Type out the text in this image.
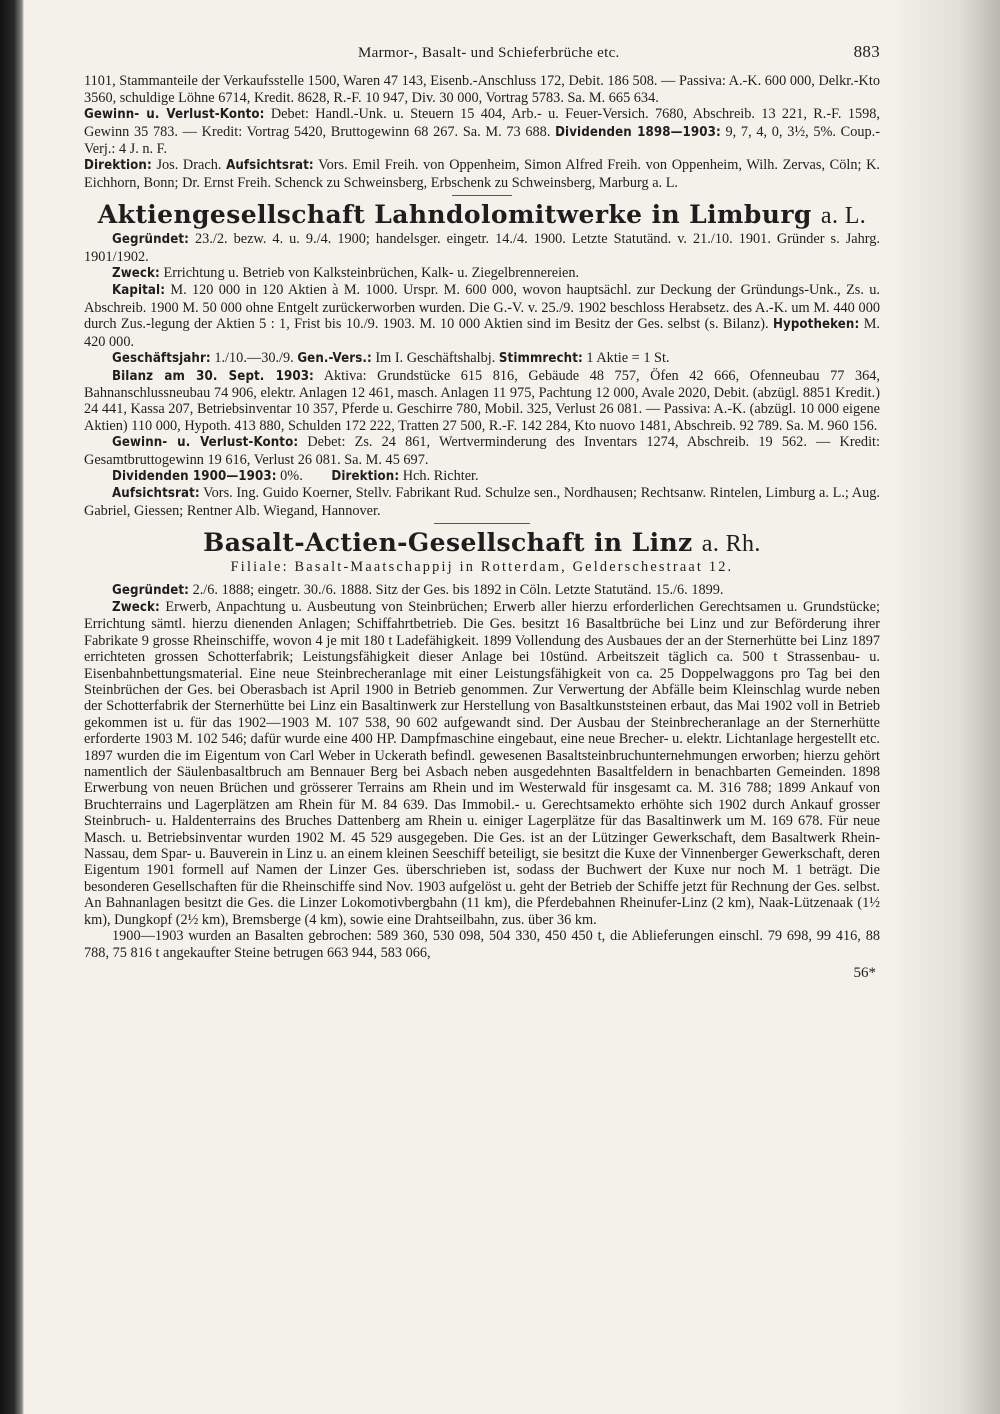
Marmor-, Basalt- und Schieferbrüche etc.	883

1101, Stammanteile der Verkaufsstelle 1500, Waren 47 143, Eisenb.-Anschluss 172, Debit. 186 508. — Passiva: A.-K. 600 000, Delkr.-Kto 3560, schuldige Löhne 6714, Kredit. 8628, R.-F. 10 947, Div. 30 000, Vortrag 5783. Sa. M. 665 634.

Gewinn- u. Verlust-Konto: Debet: Handl.-Unk. u. Steuern 15 404, Arb.- u. Feuer-Versich. 7680, Abschreib. 13 221, R.-F. 1598, Gewinn 35 783. — Kredit: Vortrag 5420, Bruttogewinn 68 267. Sa. M. 73 688. Dividenden 1898—1903: 9, 7, 4, 0, 3½, 5%. Coup.-Verj.: 4 J. n. F.

Direktion: Jos. Drach. Aufsichtsrat: Vors. Emil Freih. von Oppenheim, Simon Alfred Freih. von Oppenheim, Wilh. Zervas, Cöln; K. Eichhorn, Bonn; Dr. Ernst Freih. Schenck zu Schweinsberg, Erbschenk zu Schweinsberg, Marburg a. L.

Aktiengesellschaft Lahndolomitwerke in Limburg a. L.

Gegründet: 23./2. bezw. 4. u. 9./4. 1900; handelsger. eingetr. 14./4. 1900. Letzte Statutänd. v. 21./10. 1901. Gründer s. Jahrg. 1901/1902.

Zweck: Errichtung u. Betrieb von Kalksteinbrüchen, Kalk- u. Ziegelbrennereien.

Kapital: M. 120 000 in 120 Aktien à M. 1000. Urspr. M. 600 000, wovon hauptsächl. zur Deckung der Gründungs-Unk., Zs. u. Abschreib. 1900 M. 50 000 ohne Entgelt zurückerworben wurden. Die G.-V. v. 25./9. 1902 beschloss Herabsetz. des A.-K. um M. 440 000 durch Zus.-legung der Aktien 5 : 1, Frist bis 10./9. 1903. M. 10 000 Aktien sind im Besitz der Ges. selbst (s. Bilanz). Hypotheken: M. 420 000.

Geschäftsjahr: 1./10.—30./9. Gen.-Vers.: Im I. Geschäftshalbj. Stimmrecht: 1 Aktie = 1 St.

Bilanz am 30. Sept. 1903: Aktiva: Grundstücke 615 816, Gebäude 48 757, Öfen 42 666, Ofenneubau 77 364, Bahnanschlussneubau 74 906, elektr. Anlagen 12 461, masch. Anlagen 11 975, Pachtung 12 000, Avale 2020, Debit. (abzügl. 8851 Kredit.) 24 441, Kassa 207, Betriebsinventar 10 357, Pferde u. Geschirre 780, Mobil. 325, Verlust 26 081. — Passiva: A.-K. (abzügl. 10 000 eigene Aktien) 110 000, Hypoth. 413 880, Schulden 172 222, Tratten 27 500, R.-F. 142 284, Kto nuovo 1481, Abschreib. 92 789. Sa. M. 960 156.

Gewinn- u. Verlust-Konto: Debet: Zs. 24 861, Wertverminderung des Inventars 1274, Abschreib. 19 562. — Kredit: Gesamtbruttogewinn 19 616, Verlust 26 081. Sa. M. 45 697.

Dividenden 1900—1903: 0%. Direktion: Hch. Richter.

Aufsichtsrat: Vors. Ing. Guido Koerner, Stellv. Fabrikant Rud. Schulze sen., Nordhausen; Rechtsanw. Rintelen, Limburg a. L.; Aug. Gabriel, Giessen; Rentner Alb. Wiegand, Hannover.

Basalt-Actien-Gesellschaft in Linz a. Rh.

Filiale: Basalt-Maatschappij in Rotterdam, Gelderschestraat 12.

Gegründet: 2./6. 1888; eingetr. 30./6. 1888. Sitz der Ges. bis 1892 in Cöln. Letzte Statutänd. 15./6. 1899.

Zweck: Erwerb, Anpachtung u. Ausbeutung von Steinbrüchen; Erwerb aller hierzu erforderlichen Gerechtsamen u. Grundstücke; Errichtung sämtl. hierzu dienenden Anlagen; Schiffahrtbetrieb. Die Ges. besitzt 16 Basaltbrüche bei Linz und zur Beförderung ihrer Fabrikate 9 grosse Rheinschiffe, wovon 4 je mit 180 t Ladefähigkeit. 1899 Vollendung des Ausbaues der an der Sternerhütte bei Linz 1897 errichteten grossen Schotterfabrik; Leistungsfähigkeit dieser Anlage bei 10stünd. Arbeitszeit täglich ca. 500 t Strassenbau- u. Eisenbahnbettungsmaterial. Eine neue Steinbrecheranlage mit einer Leistungsfähigkeit von ca. 25 Doppelwaggons pro Tag bei den Steinbrüchen der Ges. bei Oberasbach ist April 1900 in Betrieb genommen. Zur Verwertung der Abfälle beim Kleinschlag wurde neben der Schotterfabrik der Sternerhütte bei Linz ein Basaltinwerk zur Herstellung von Basaltkunststeinen erbaut, das Mai 1902 voll in Betrieb gekommen ist u. für das 1902—1903 M. 107 538, 90 602 aufgewandt sind. Der Ausbau der Steinbrecheranlage an der Sternerhütte erforderte 1903 M. 102 546; dafür wurde eine 400 HP. Dampfmaschine eingebaut, eine neue Brecher- u. elektr. Lichtanlage hergestellt etc. 1897 wurden die im Eigentum von Carl Weber in Uckerath befindl. gewesenen Basaltsteinbruchunternehmungen erworben; hierzu gehört namentlich der Säulenbasaltbruch am Bennauer Berg bei Asbach neben ausgedehnten Basaltfeldern in benachbarten Gemeinden. 1898 Erwerbung von neuen Brüchen und grösserer Terrains am Rhein und im Westerwald für insgesamt ca. M. 316 788; 1899 Ankauf von Bruchterrains und Lagerplätzen am Rhein für M. 84 639. Das Immobil.- u. Gerechtsamekto erhöhte sich 1902 durch Ankauf grosser Steinbruch- u. Haldenterrains des Bruches Dattenberg am Rhein u. einiger Lagerplätze für das Basaltinwerk um M. 169 678. Für neue Masch. u. Betriebsinventar wurden 1902 M. 45 529 ausgegeben. Die Ges. ist an der Lützinger Gewerkschaft, dem Basaltwerk Rhein-Nassau, dem Spar- u. Bauverein in Linz u. an einem kleinen Seeschiff beteiligt, sie besitzt die Kuxe der Vinnenberger Gewerkschaft, deren Eigentum 1901 formell auf Namen der Linzer Ges. überschrieben ist, sodass der Buchwert der Kuxe nur noch M. 1 beträgt. Die besonderen Gesellschaften für die Rheinschiffe sind Nov. 1903 aufgelöst u. geht der Betrieb der Schiffe jetzt für Rechnung der Ges. selbst. An Bahnanlagen besitzt die Ges. die Linzer Lokomotivbergbahn (11 km), die Pferdebahnen Rheinufer-Linz (2 km), Naak-Lützenaak (1½ km), Dungkopf (2½ km), Bremsberge (4 km), sowie eine Drahtseilbahn, zus. über 36 km.

1900—1903 wurden an Basalten gebrochen: 589 360, 530 098, 504 330, 450 450 t, die Ablieferungen einschl. 79 698, 99 416, 88 788, 75 816 t angekaufter Steine betrugen 663 944, 583 066,

56*
